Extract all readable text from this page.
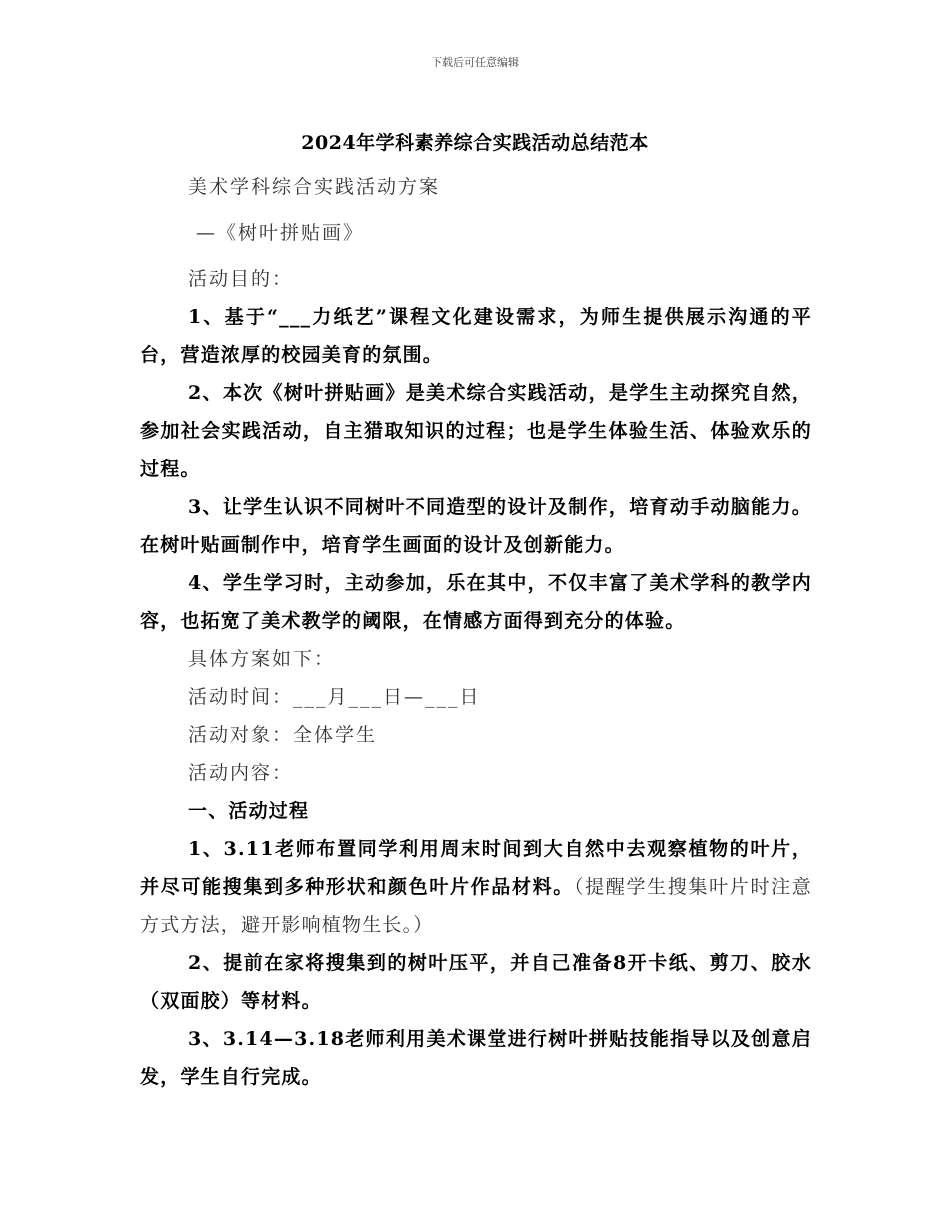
下载后可任意编辑
2024年学科素养综合实践活动总结范本
美术学科综合实践活动方案
—《树叶拼贴画》
活动目的：

1、基于“___力纸艺”课程文化建设需求，为师生提供展示沟通的平台，营造浓厚的校园美育的氛围。

2、本次《树叶拼贴画》是美术综合实践活动，是学生主动探究自然，参加社会实践活动，自主猎取知识的过程；也是学生体验生活、体验欢乐的过程。

3、让学生认识不同树叶不同造型的设计及制作，培育动手动脑能力。在树叶贴画制作中，培育学生画面的设计及创新能力。

4、学生学习时，主动参加，乐在其中，不仅丰富了美术学科的教学内容，也拓宽了美术教学的阈限，在情感方面得到充分的体验。

具体方案如下：
活动时间：___月___日—___日
活动对象：全体学生
活动内容：
一、活动过程

1、3.11老师布置同学利用周末时间到大自然中去观察植物的叶片，并尽可能搜集到多种形状和颜色叶片作品材料。（提醒学生搜集叶片时注意方式方法，避开影响植物生长。）

2、提前在家将搜集到的树叶压平，并自己准备8开卡纸、剪刀、胶水（双面胶）等材料。

3、3.14—3.18老师利用美术课堂进行树叶拼贴技能指导以及创意启发，学生自行完成。
